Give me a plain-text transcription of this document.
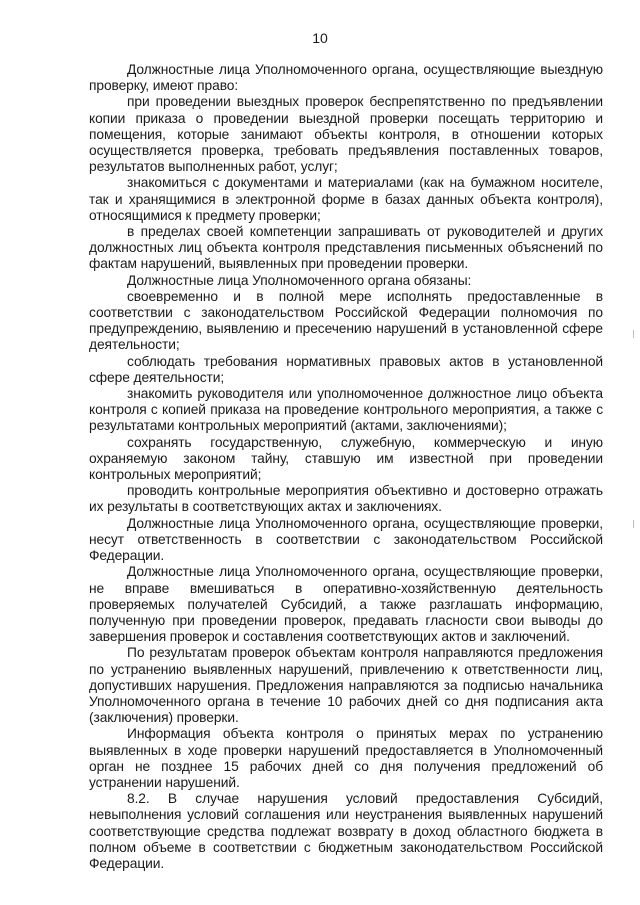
10

Должностные лица Уполномоченного органа, осуществляющие выездную проверку, имеют право:

при проведении выездных проверок беспрепятственно по предъявлении копии приказа о проведении выездной проверки посещать территорию и помещения, которые занимают объекты контроля, в отношении которых осуществляется проверка, требовать предъявления поставленных товаров, результатов выполненных работ, услуг;

знакомиться с документами и материалами (как на бумажном носителе, так и хранящимися в электронной форме в базах данных объекта контроля), относящимися к предмету проверки;

в пределах своей компетенции запрашивать от руководителей и других должностных лиц объекта контроля представления письменных объяснений по фактам нарушений, выявленных при проведении проверки.

Должностные лица Уполномоченного органа обязаны:

своевременно и в полной мере исполнять предоставленные в соответствии с законодательством Российской Федерации полномочия по предупреждению, выявлению и пресечению нарушений в установленной сфере деятельности;

соблюдать требования нормативных правовых актов в установленной сфере деятельности;

знакомить руководителя или уполномоченное должностное лицо объекта контроля с копией приказа на проведение контрольного мероприятия, а также с результатами контрольных мероприятий (актами, заключениями);

сохранять государственную, служебную, коммерческую и иную охраняемую законом тайну, ставшую им известной при проведении контрольных мероприятий;

проводить контрольные мероприятия объективно и достоверно отражать их результаты в соответствующих актах и заключениях.

Должностные лица Уполномоченного органа, осуществляющие проверки, несут ответственность в соответствии с законодательством Российской Федерации.

Должностные лица Уполномоченного органа, осуществляющие проверки, не вправе вмешиваться в оперативно-хозяйственную деятельность проверяемых получателей Субсидий, а также разглашать информацию, полученную при проведении проверок, предавать гласности свои выводы до завершения проверок и составления соответствующих актов и заключений.

По результатам проверок объектам контроля направляются предложения по устранению выявленных нарушений, привлечению к ответственности лиц, допустивших нарушения. Предложения направляются за подписью начальника Уполномоченного органа в течение 10 рабочих дней со дня подписания акта (заключения) проверки.

Информация объекта контроля о принятых мерах по устранению выявленных в ходе проверки нарушений предоставляется в Уполномоченный орган не позднее 15 рабочих дней со дня получения предложений об устранении нарушений.

8.2. В случае нарушения условий предоставления Субсидий, невыполнения условий соглашения или неустранения выявленных нарушений соответствующие средства подлежат возврату в доход областного бюджета в полном объеме в соответствии с бюджетным законодательством Российской Федерации.
